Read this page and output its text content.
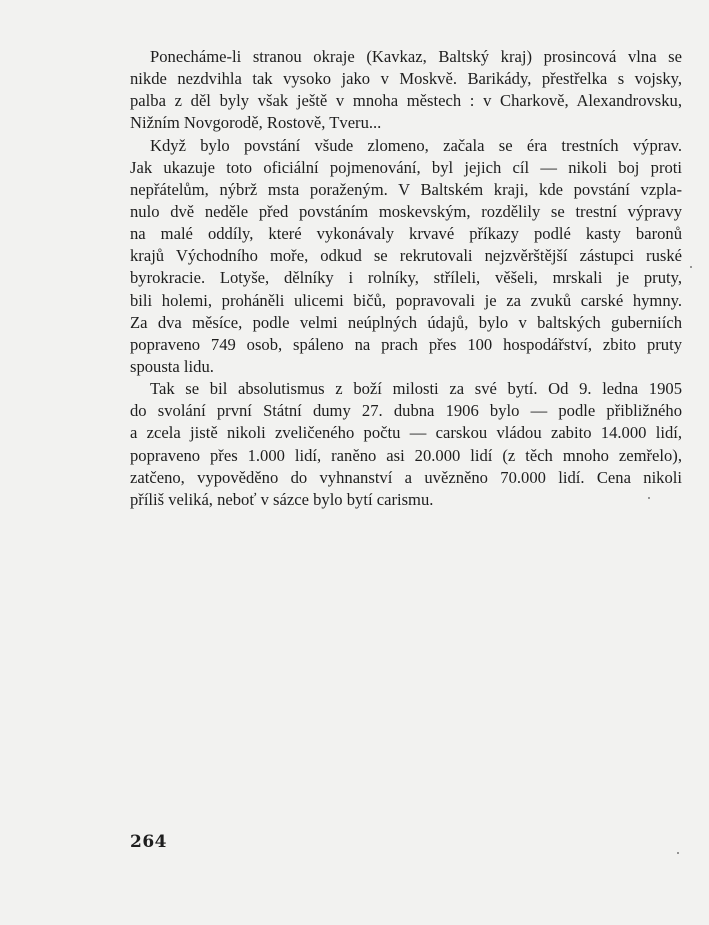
Ponecháme-li stranou okraje (Kavkaz, Baltský kraj) prosincová vlna se
nikde nezdvihla tak vysoko jako v Moskvě. Barikády, přestřelka s vojsky,
palba z děl byly však ještě v mnoha městech : v Charkově, Alexandrovsku,
Nižním Novgorodě, Rostově, Tveru...
Když bylo povstání všude zlomeno, začala se éra trestních výprav.
Jak ukazuje toto oficiální pojmenování, byl jejich cíl — nikoli boj proti
nepřátelům, nýbrž msta poraženým. V Baltském kraji, kde povstání vzpla-
nulo dvě neděle před povstáním moskevským, rozdělily se trestní výpravy
na malé oddíly, které vykonávaly krvavé příkazy podlé kasty baronů
krajů Východního moře, odkud se rekrutovali nejzvěrštější zástupci ruské
byrokracie. Lotyše, dělníky i rolníky, stříleli, věšeli, mrskali je pruty,
bili holemi, proháněli ulicemi bičů, popravovali je za zvuků carské hymny.
Za dva měsíce, podle velmi neúplných údajů, bylo v baltských guberniích
popraveno 749 osob, spáleno na prach přes 100 hospodářství, zbito pruty
spousta lidu.
Tak se bil absolutismus z boží milosti za své bytí. Od 9. ledna 1905
do svolání první Státní dumy 27. dubna 1906 bylo — podle přibližného
a zcela jistě nikoli zveličeného počtu — carskou vládou zabito 14.000 lidí,
popraveno přes 1.000 lidí, raněno asi 20.000 lidí (z těch mnoho zemřelo),
zatčeno, vypověděno do vyhnanství a uvězněno 70.000 lidí. Cena nikoli
příliš veliká, neboť v sázce bylo bytí carismu.
264
